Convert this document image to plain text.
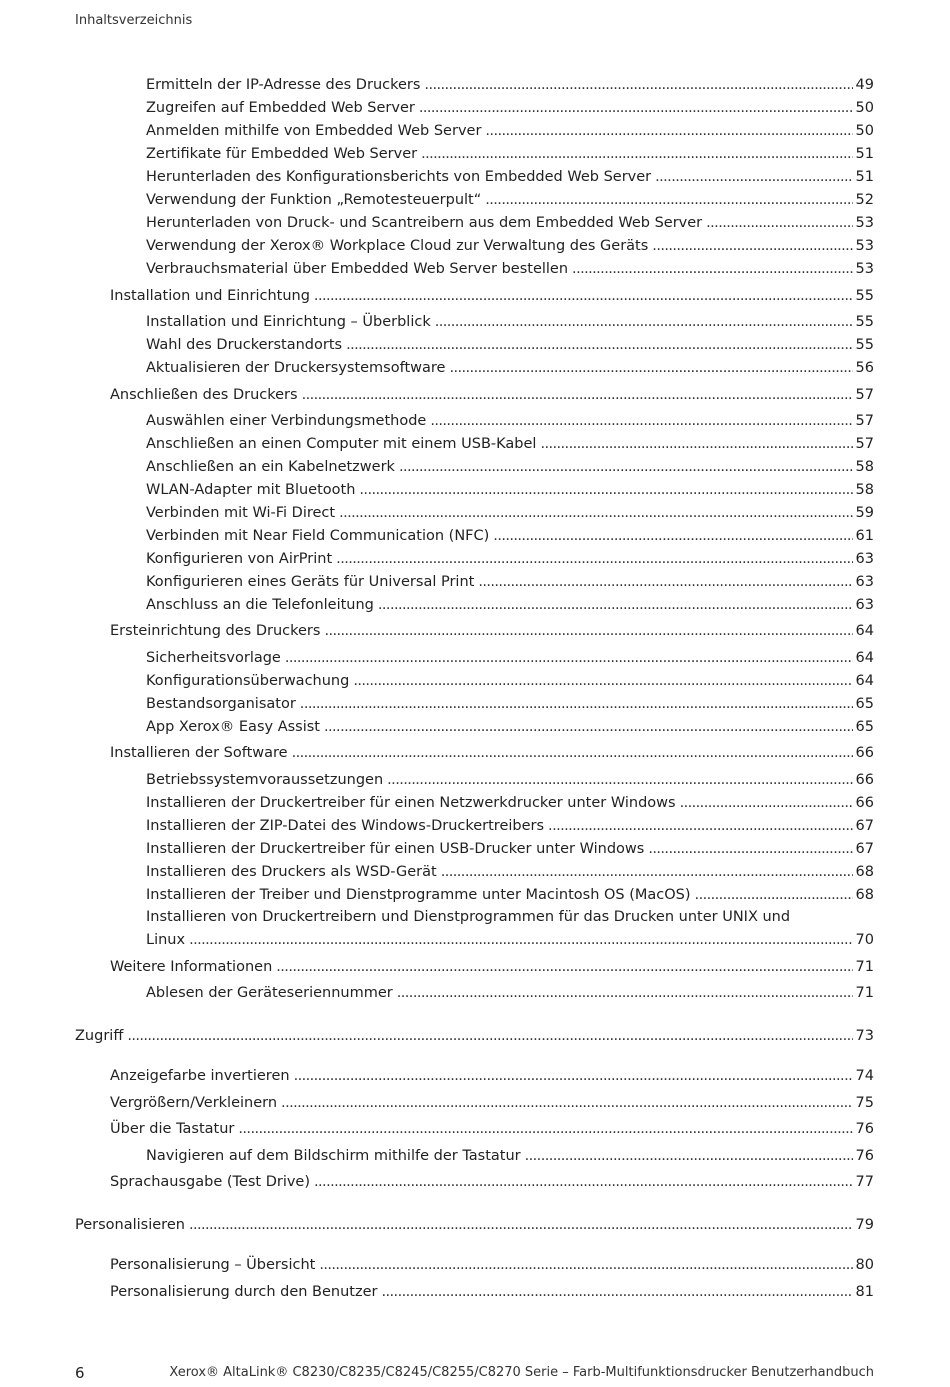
Inhaltsverzeichnis
Ermitteln der IP-Adresse des Druckers . . .	49
Zugreifen auf Embedded Web Server . . .	50
Anmelden mithilfe von Embedded Web Server . . .	50
Zertifikate für Embedded Web Server . . .	51
Herunterladen des Konfigurationsberichts von Embedded Web Server . . .	51
Verwendung der Funktion „Remotesteuerpult“ . . .	52
Herunterladen von Druck- und Scantreibern aus dem Embedded Web Server . . .	53
Verwendung der Xerox® Workplace Cloud zur Verwaltung des Geräts . . .	53
Verbrauchsmaterial über Embedded Web Server bestellen . . .	53
Installation und Einrichtung . . .	55
Installation und Einrichtung – Überblick . . .	55
Wahl des Druckerstandorts . . .	55
Aktualisieren der Druckersystemsoftware . . .	56
Anschließen des Druckers . . .	57
Auswählen einer Verbindungsmethode . . .	57
Anschließen an einen Computer mit einem USB-Kabel . . .	57
Anschließen an ein Kabelnetzwerk . . .	58
WLAN-Adapter mit Bluetooth . . .	58
Verbinden mit Wi-Fi Direct . . .	59
Verbinden mit Near Field Communication (NFC) . . .	61
Konfigurieren von AirPrint . . .	63
Konfigurieren eines Geräts für Universal Print . . .	63
Anschluss an die Telefonleitung . . .	63
Ersteinrichtung des Druckers . . .	64
Sicherheitsvorlage . . .	64
Konfigurationsüberwachung . . .	64
Bestandsorganisator . . .	65
App Xerox® Easy Assist . . .	65
Installieren der Software . . .	66
Betriebssystemvoraussetzungen . . .	66
Installieren der Druckertreiber für einen Netzwerkdrucker unter Windows . . .	66
Installieren der ZIP-Datei des Windows-Druckertreibers . . .	67
Installieren der Druckertreiber für einen USB-Drucker unter Windows . . .	67
Installieren des Druckers als WSD-Gerät . . .	68
Installieren der Treiber und Dienstprogramme unter Macintosh OS (MacOS) . . .	68
Installieren von Druckertreibern und Dienstprogrammen für das Drucken unter UNIX und
Linux . . .	70
Weitere Informationen . . .	71
Ablesen der Geräteseriennummer . . .	71
Zugriff . . .	73
Anzeigefarbe invertieren . . .	74
Vergrößern/Verkleinern . . .	75
Über die Tastatur . . .	76
Navigieren auf dem Bildschirm mithilfe der Tastatur . . .	76
Sprachausgabe (Test Drive) . . .	77
Personalisieren . . .	79
Personalisierung – Übersicht . . .	80
Personalisierung durch den Benutzer . . .	81
6	Xerox® AltaLink® C8230/C8235/C8245/C8255/C8270 Serie – Farb-Multifunktionsdrucker Benutzerhandbuch
